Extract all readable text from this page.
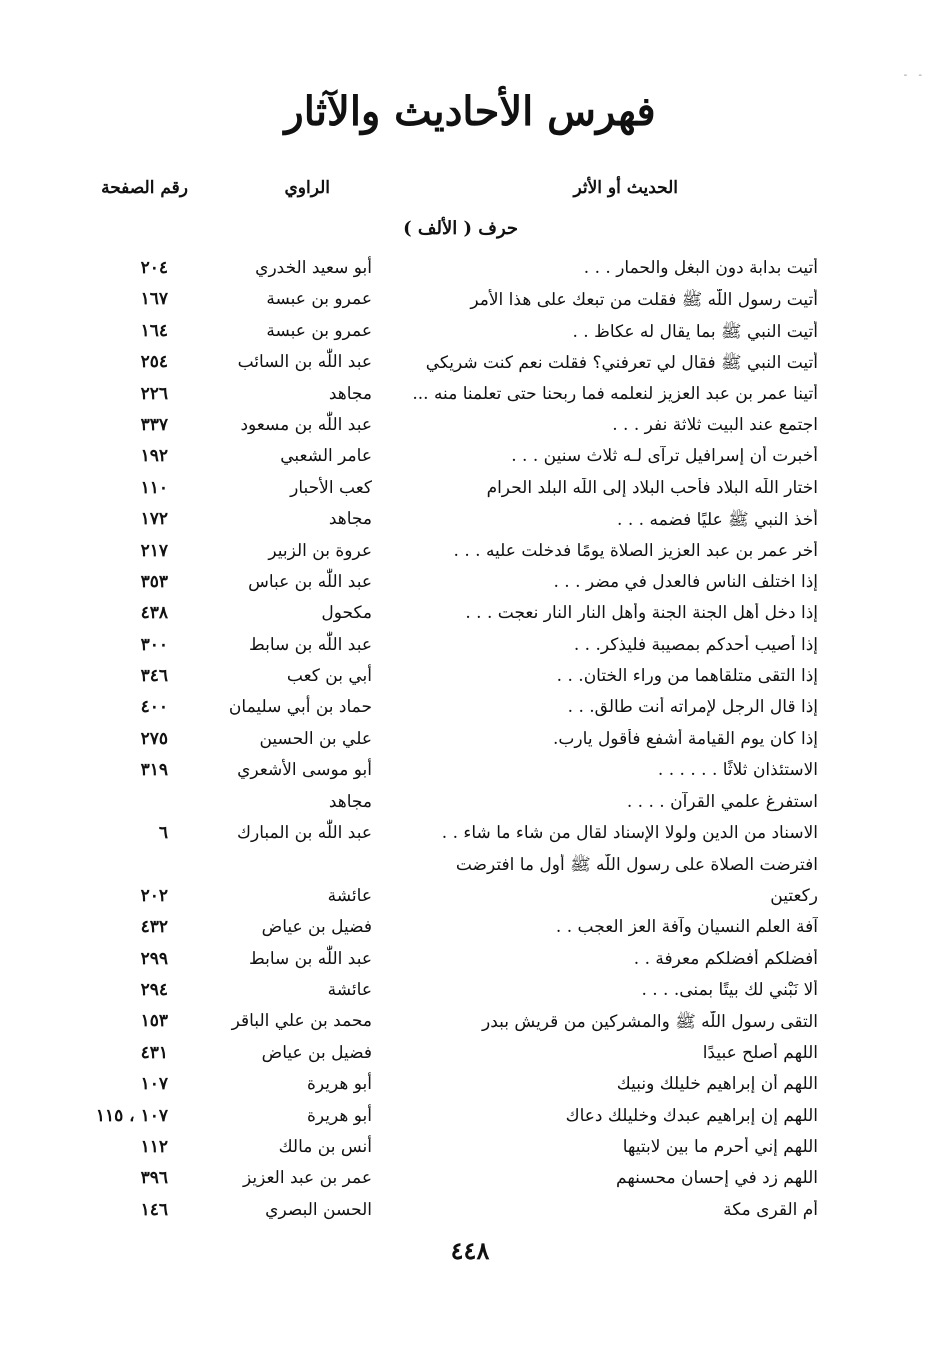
- -
فهرس الأحاديث والآثار
الحديث أو الأثر
الراوي
رقم الصفحة
حرف ( الألف )
أتيت بدابة دون البغل والحمار . . .
أبو سعيد الخدري
٢٠٤
أتيت رسول اللّٰه ﷺ فقلت من تبعك على هذا الأمر
عمرو بن عبسة
١٦٧
أتيت النبي ﷺ بما يقال له عكاظ . .
عمرو بن عبسة
١٦٤
أتيت النبي ﷺ فقال لي تعرفني؟ فقلت نعم كنت شريكي
عبد اللّٰه بن السائب
٢٥٤
أتينا عمر بن عبد العزيز لنعلمه فما ربحنا حتى تعلمنا منه ...
مجاهد
٢٢٦
اجتمع عند البيت ثلاثة نفر . . .
عبد اللّٰه بن مسعود
٣٣٧
أخبرت أن إسرافيل ترآى لـه ثلاث سنين . . .
عامر الشعبي
١٩٢
اختار اللّٰه البلاد فأحب البلاد إلى اللّٰه البلد الحرام
كعب الأحبار
١١٠
أخذ النبي ﷺ عليًا فضمه . . .
مجاهد
١٧٢
أخر عمر بن عبد العزيز الصلاة يومًا فدخلت عليه . . .
عروة بن الزبير
٢١٧
إذا اختلف الناس فالعدل في مضر . . .
عبد اللّٰه بن عباس
٣٥٣
إذا دخل أهل الجنة الجنة وأهل النار النار نعجت . . .
مكحول
٤٣٨
إذا أصيب أحدكم بمصيبة فليذكر. . .
عبد اللّٰه بن سابط
٣٠٠
إذا التقى متلقاهما من وراء الختان. . .
أبي بن كعب
٣٤٦
إذا قال الرجل لإمراته أنت طالق. . .
حماد بن أبي سليمان
٤٠٠
إذا كان يوم القيامة أشفع فأقول يارب.
علي بن الحسين
٢٧٥
الاستئذان ثلاثًا . . . . . .
أبو موسى الأشعري
٣١٩
استفرغ علمي القرآن . . . .
مجاهد
الاسناد من الدين ولولا الإسناد لقال من شاء ما شاء . .
عبد اللّٰه بن المبارك
٦
افترضت الصلاة على رسول اللّٰه ﷺ أول ما افترضت
ركعتين
عائشة
٢٠٢
آفة العلم النسيان وآفة العز العجب . .
فضيل بن عياض
٤٣٢
أفضلكم أفضلكم معرفة . .
عبد اللّٰه بن سابط
٢٩٩
ألا نَبْني لك بيتًا بمنى. . . .
عائشة
٢٩٤
التقى رسول اللّٰه ﷺ والمشركين من قريش ببدر
محمد بن علي الباقر
١٥٣
اللهم أصلح عبيدًا
فضيل بن عياض
٤٣١
اللهم أن إبراهيم خليلك ونبيك
أبو هريرة
١٠٧
اللهم إن إبراهيم عبدك وخليلك دعاك
أبو هريرة
١٠٧ ، ١١٥
اللهم إني أحرم ما بين لابتيها
أنس بن مالك
١١٢
اللهم زد في إحسان محسنهم
عمر بن عبد العزيز
٣٩٦
أم القرى مكة
الحسن البصري
١٤٦
٤٤٨
